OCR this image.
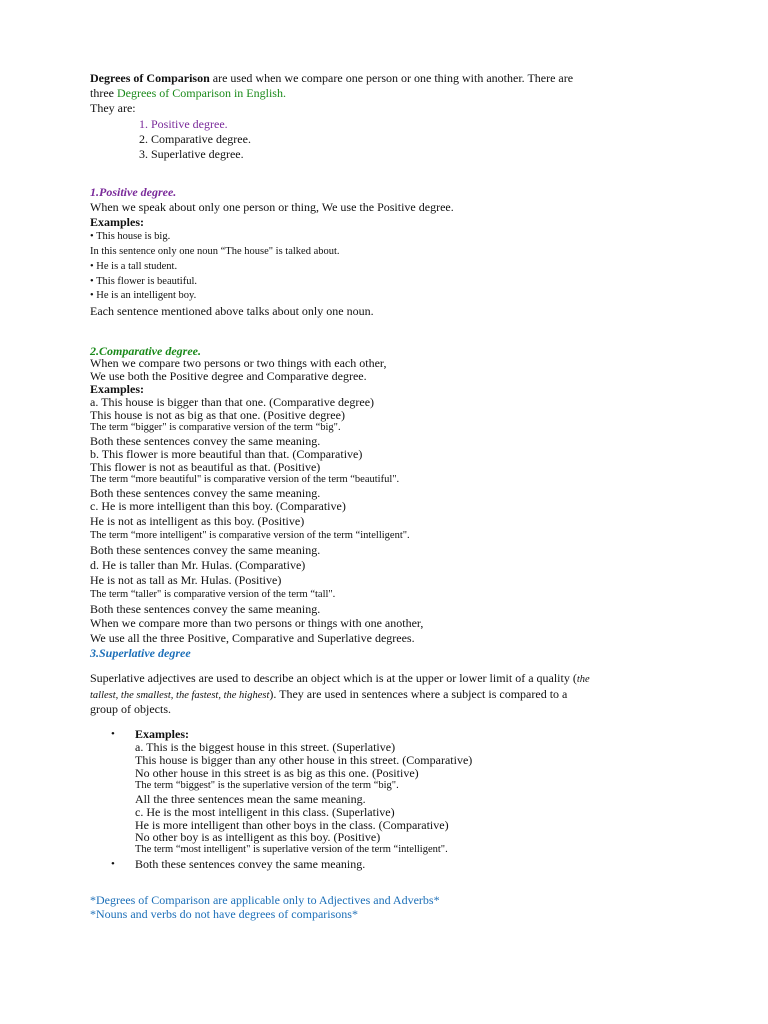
Degrees of Comparison are used when we compare one person or one thing with another. There are
three Degrees of Comparison in English.
They are:
1. Positive degree.
2. Comparative degree.
3. Superlative degree.
1.Positive degree.
When we speak about only one person or thing, We use the Positive degree.
Examples:
• This house is big.
In this sentence only one noun “The house" is talked about.
• He is a tall student.
• This flower is beautiful.
• He is an intelligent boy.
Each sentence mentioned above talks about only one noun.
2.Comparative degree.
When we compare two persons or two things with each other,
We use both the Positive degree and Comparative degree.
Examples:
a. This house is bigger than that one. (Comparative degree)
This house is not as big as that one. (Positive degree)
The term “bigger" is comparative version of the term “big".
Both these sentences convey the same meaning.
b. This flower is more beautiful than that. (Comparative)
This flower is not as beautiful as that. (Positive)
The term “more beautiful" is comparative version of the term “beautiful".
Both these sentences convey the same meaning.
c. He is more intelligent than this boy. (Comparative)
He is not as intelligent as this boy. (Positive)
The term “more intelligent" is comparative version of the term “intelligent".
Both these sentences convey the same meaning.
d. He is taller than Mr. Hulas. (Comparative)
He is not as tall as Mr. Hulas. (Positive)
The term “taller" is comparative version of the term “tall".
Both these sentences convey the same meaning.
When we compare more than two persons or things with one another,
We use all the three Positive, Comparative and Superlative degrees.
3.Superlative degree
Superlative adjectives are used to describe an object which is at the upper or lower limit of a quality (the
tallest, the smallest, the fastest, the highest). They are used in sentences where a subject is compared to a
group of objects.
• Examples:
a. This is the biggest house in this street. (Superlative)
This house is bigger than any other house in this street. (Comparative)
No other house in this street is as big as this one. (Positive)
The term “biggest" is the superlative version of the term “big".
All the three sentences mean the same meaning.
c. He is the most intelligent in this class. (Superlative)
He is more intelligent than other boys in the class. (Comparative)
No other boy is as intelligent as this boy. (Positive)
The term “most intelligent" is superlative version of the term “intelligent".
• Both these sentences convey the same meaning.
*Degrees of Comparison are applicable only to Adjectives and Adverbs*
*Nouns and verbs do not have degrees of comparisons*
